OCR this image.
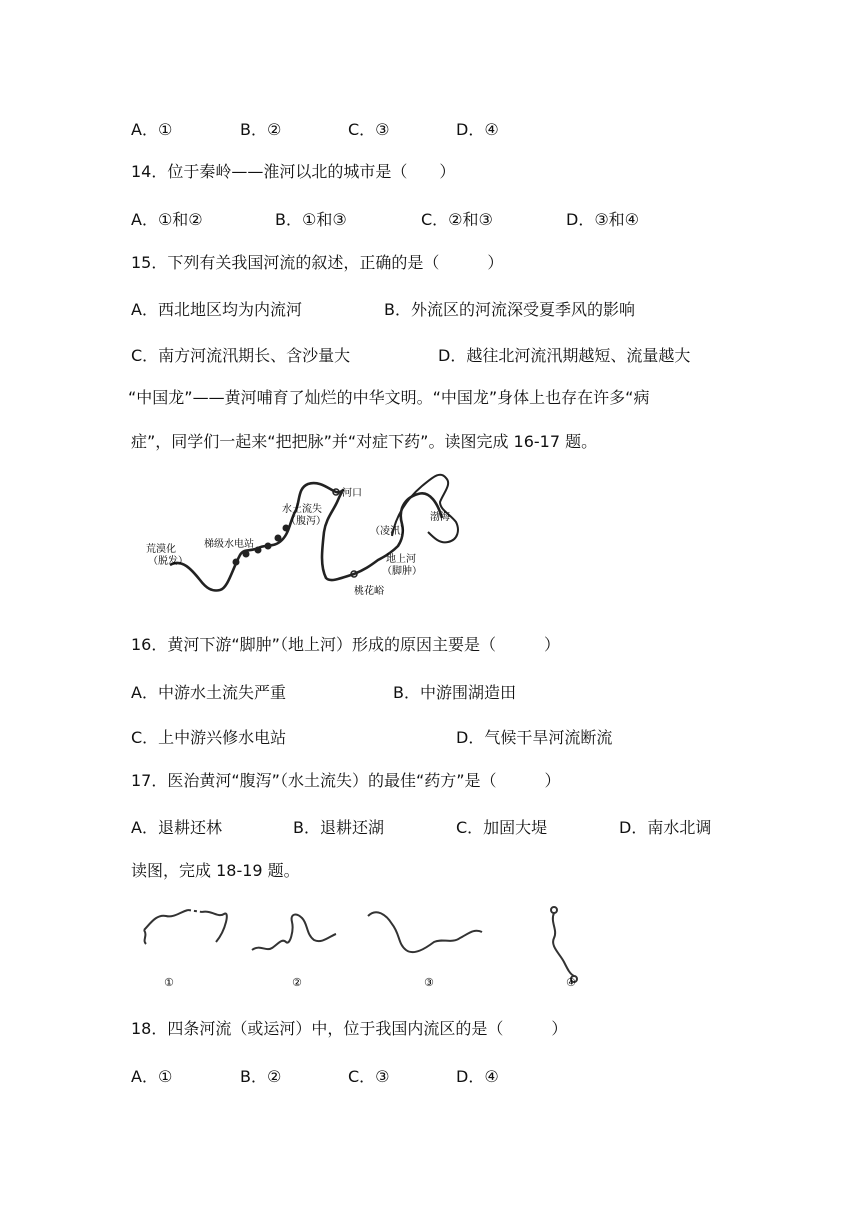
A．①	B．②	C．③	D．④
14．位于秦岭——淮河以北的城市是（　　）
A．①和②	B．①和③	C．②和③	D．③和④
15．下列有关我国河流的叙述，正确的是（　　　）
A．西北地区均为内流河	B．外流区的河流深受夏季风的影响
C．南方河流汛期长、含沙量大	D．越往北河流汛期越短、流量越大
“中国龙”——黄河哺育了灿烂的中华文明。“中国龙”身体上也存在许多“病
症”，同学们一起来“把把脉”并“对症下药”。读图完成 16-17 题。
荒漠化
（脱发）
梯级水电站
水土流失
（腹泻）
河口
（凌汛）
渤海
地上河
（脚肿）
桃花峪
16．黄河下游“脚肿”（地上河）形成的原因主要是（　　　）
A．中游水土流失严重	B．中游围湖造田
C．上中游兴修水电站	D．气候干旱河流断流
17．医治黄河“腹泻”（水土流失）的最佳“药方”是（　　　）
A．退耕还林	B．退耕还湖	C．加固大堤	D．南水北调
读图，完成 18-19 题。
①	②	③	④
18．四条河流（或运河）中，位于我国内流区的是（　　　）
A．①	B．②	C．③	D．④
